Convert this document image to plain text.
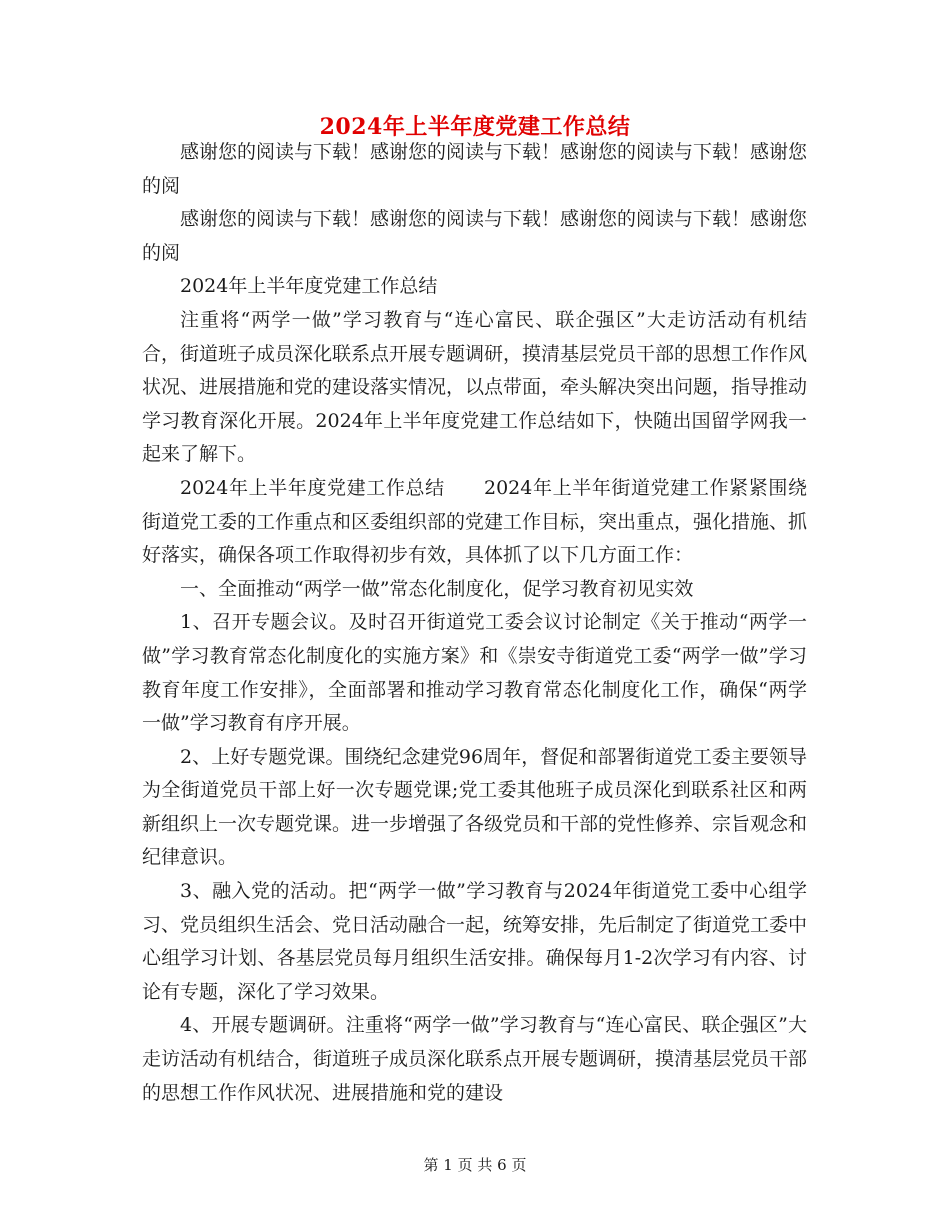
2024年上半年度党建工作总结

感谢您的阅读与下载！感谢您的阅读与下载！感谢您的阅读与下载！感谢您的阅

感谢您的阅读与下载！感谢您的阅读与下载！感谢您的阅读与下载！感谢您的阅

2024年上半年度党建工作总结

注重将“两学一做”学习教育与“连心富民、联企强区”大走访活动有机结合，街道班子成员深化联系点开展专题调研，摸清基层党员干部的思想工作作风状况、进展措施和党的建设落实情况，以点带面，牵头解决突出问题，指导推动学习教育深化开展。2024年上半年度党建工作总结如下，快随出国留学网我一起来了解下。

2024年上半年度党建工作总结　　2024年上半年街道党建工作紧紧围绕街道党工委的工作重点和区委组织部的党建工作目标，突出重点，强化措施、抓好落实，确保各项工作取得初步有效，具体抓了以下几方面工作：

一、全面推动“两学一做”常态化制度化，促学习教育初见实效

1、召开专题会议。及时召开街道党工委会议讨论制定《关于推动“两学一做”学习教育常态化制度化的实施方案》和《崇安寺街道党工委“两学一做”学习教育年度工作安排》，全面部署和推动学习教育常态化制度化工作，确保“两学一做”学习教育有序开展。

2、上好专题党课。围绕纪念建党96周年，督促和部署街道党工委主要领导为全街道党员干部上好一次专题党课;党工委其他班子成员深化到联系社区和两新组织上一次专题党课。进一步增强了各级党员和干部的党性修养、宗旨观念和纪律意识。

3、融入党的活动。把“两学一做”学习教育与2024年街道党工委中心组学习、党员组织生活会、党日活动融合一起，统筹安排，先后制定了街道党工委中心组学习计划、各基层党员每月组织生活安排。确保每月1-2次学习有内容、讨论有专题，深化了学习效果。

4、开展专题调研。注重将“两学一做”学习教育与“连心富民、联企强区”大走访活动有机结合，街道班子成员深化联系点开展专题调研，摸清基层党员干部的思想工作作风状况、进展措施和党的建设

第 1 页 共 6 页
